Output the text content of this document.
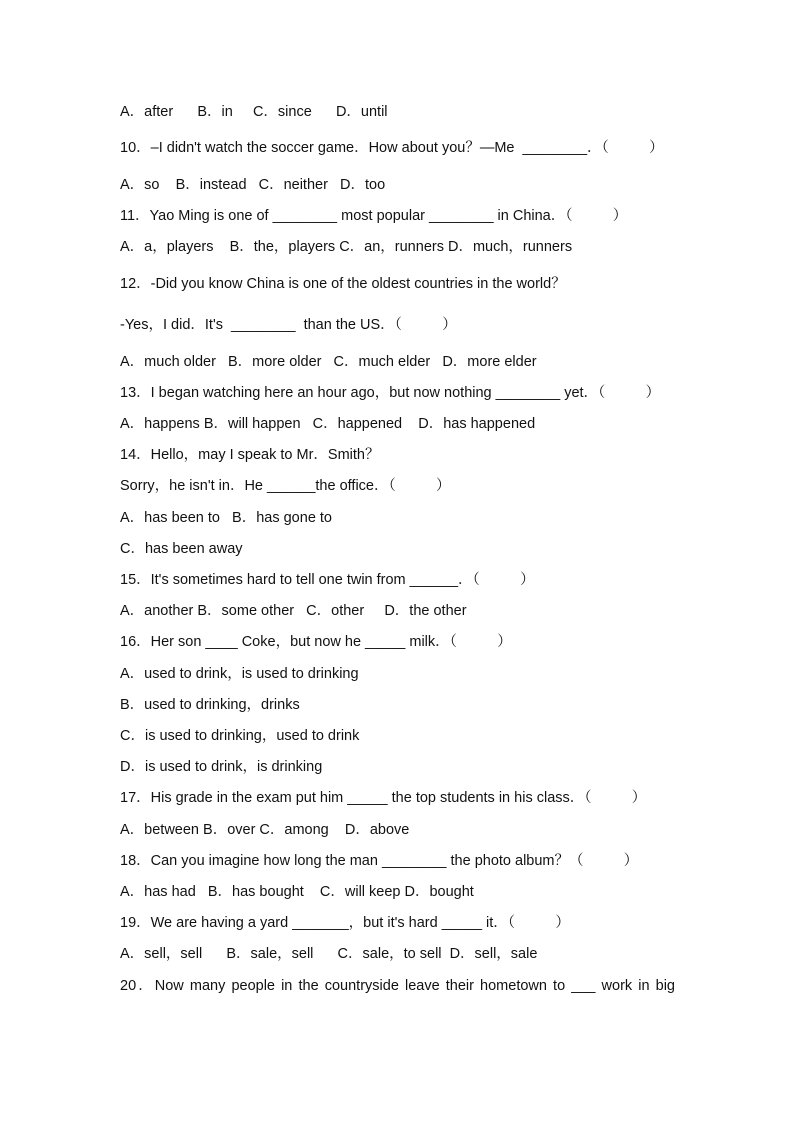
A．after      B．in     C．since      D．until
10．–I didn't watch the soccer game．How about you？—Me  ________．（          ）
A．so    B．instead   C．neither   D．too
11．Yao Ming is one of ________ most popular ________ in China．（          ）
A．a，players    B．the，players C．an，runners D．much，runners
12．-Did you know China is one of the oldest countries in the world？
-Yes，I did．It's  ________  than the US．（          ）
A．much older   B．more older   C．much elder   D．more elder
13．I began watching here an hour ago，but now nothing ________ yet．（          ）
A．happens B．will happen   C．happened    D．has happened
14．Hello，may I speak to Mr．Smith？
Sorry，he isn't in．He ______the office．（          ）
A．has been to   B．has gone to
C．has been away
15．It's sometimes hard to tell one twin from ______．（          ）
A．another B．some other   C．other     D．the other
16．Her son ____ Coke，but now he _____ milk．（          ）
A．used to drink，is used to drinking
B．used to drinking，drinks
C．is used to drinking，used to drink
D．is used to drink，is drinking
17．His grade in the exam put him _____ the top students in his class．（          ）
A．between B．over C．among    D．above
18．Can you imagine how long the man ________ the photo album？（          ）
A．has had   B．has bought    C．will keep D．bought
19．We are having a yard _______，but it's hard _____ it．（          ）
A．sell，sell      B．sale，sell      C．sale，to sell  D．sell，sale
20．Now many people in the countryside leave their hometown to ___ work in big
